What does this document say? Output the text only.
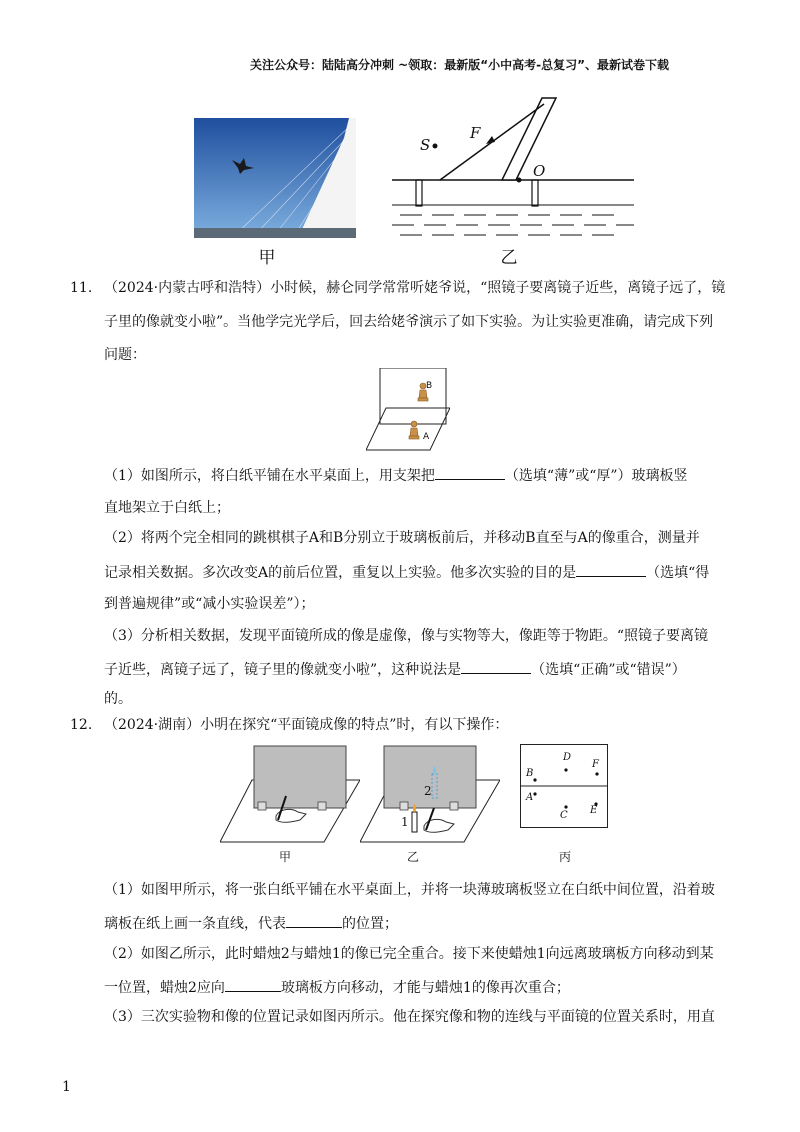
关注公众号：陆陆高分冲刺 ~领取：最新版“小中高考-总复习”、最新试卷下载
甲
S
F
O
乙
11. （2024·内蒙古呼和浩特）小时候，赫仑同学常常听姥爷说，“照镜子要离镜子近些，离镜子远了，镜
子里的像就变小啦”。当他学完光学后，回去给姥爷演示了如下实验。为让实验更准确，请完成下列
问题：
B
A
（1）如图所示，将白纸平铺在水平桌面上，用支架把	（选填“薄”或“厚”）玻璃板竖
直地架立于白纸上；
（2）将两个完全相同的跳棋棋子A和B分别立于玻璃板前后，并移动B直至与A的像重合，测量并
记录相关数据。多次改变A的前后位置，重复以上实验。他多次实验的目的是	（选填“得
到普遍规律”或“减小实验误差”）；
（3）分析相关数据，发现平面镜所成的像是虚像，像与实物等大，像距等于物距。“照镜子要离镜
子近些，离镜子远了，镜子里的像就变小啦”，这种说法是	（选填“正确”或“错误”）
的。
12. （2024·湖南）小明在探究“平面镜成像的特点”时，有以下操作：
甲
2
1
乙
B
A
D
F
C E
丙
（1）如图甲所示，将一张白纸平铺在水平桌面上，并将一块薄玻璃板竖立在白纸中间位置，沿着玻
璃板在纸上画一条直线，代表	的位置；
（2）如图乙所示，此时蜡烛2与蜡烛1的像已完全重合。接下来使蜡烛1向远离玻璃板方向移动到某
一位置，蜡烛2应向	玻璃板方向移动，才能与蜡烛1的像再次重合；
（3）三次实验物和像的位置记录如图丙所示。他在探究像和物的连线与平面镜的位置关系时，用直
1
